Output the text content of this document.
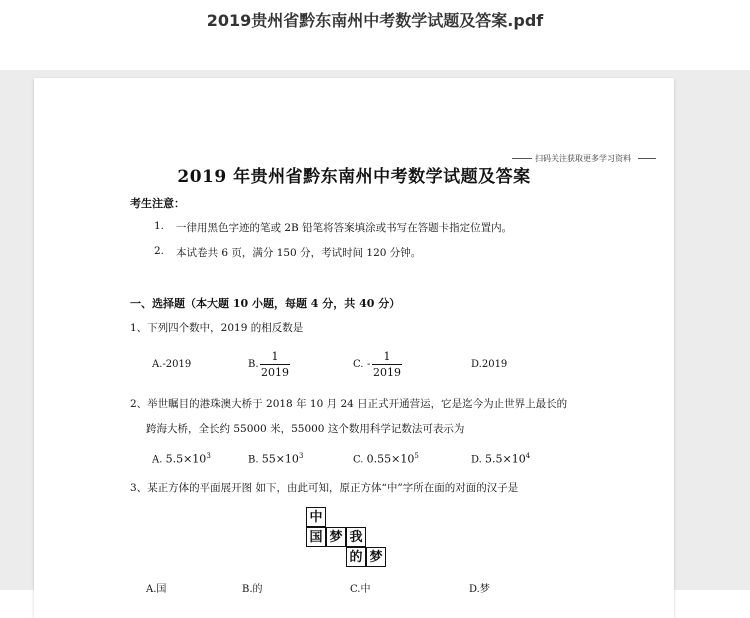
2019贵州省黔东南州中考数学试题及答案.pdf
扫码关注获取更多学习资料
2019 年贵州省黔东南州中考数学试题及答案
考生注意：
1. 一律用黑色字迹的笔或 2B 铅笔将答案填涂或书写在答题卡指定位置内。
2. 本试卷共 6 页，满分 150 分，考试时间 120 分钟。
一、选择题（本大题 10 小题，每题 4 分，共 40 分）
1、下列四个数中，2019 的相反数是
A.-2019	B.
1
2019
C. -
1
2019
D.2019
2、举世瞩目的港珠澳大桥于 2018 年 10 月 24 日正式开通营运，它是迄今为止世界上最长的
跨海大桥，全长约 55000 米，55000 这个数用科学记数法可表示为
A. $5.5\times 10^3$	B. $55\times 10^3$	C. $0.55\times 10^5$	D. $5.5\times 10^4$
3、某正方体的平面展开图 如下，由此可知，原正方体“中”字所在面的对面的汉子是
中
国 梦 我
的 梦
A.国	B.的	C.中	D.梦
